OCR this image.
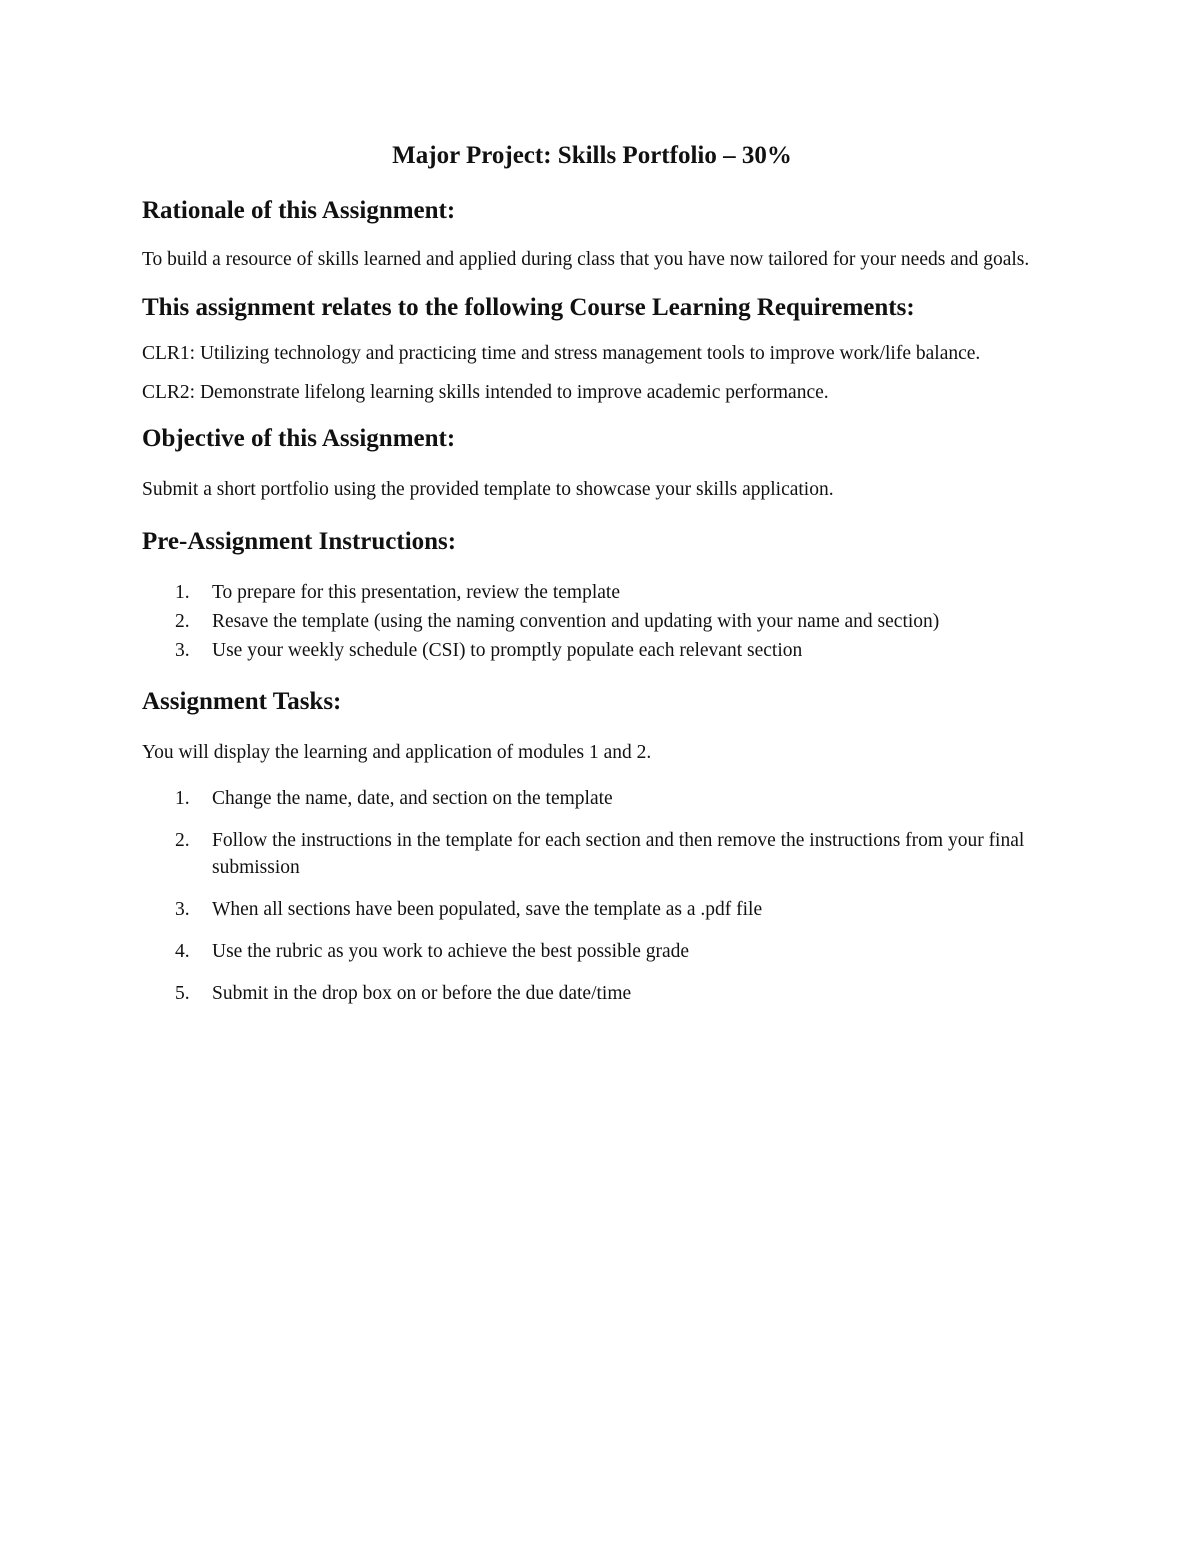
Major Project: Skills Portfolio – 30%
Rationale of this Assignment:

To build a resource of skills learned and applied during class that you have now tailored for your needs and goals.

This assignment relates to the following Course Learning Requirements:

CLR1: Utilizing technology and practicing time and stress management tools to improve work/life balance.

CLR2: Demonstrate lifelong learning skills intended to improve academic performance.

Objective of this Assignment:

Submit a short portfolio using the provided template to showcase your skills application.

Pre-Assignment Instructions:
1. To prepare for this presentation, review the template
2. Resave the template (using the naming convention and updating with your name and section)
3. Use your weekly schedule (CSI) to promptly populate each relevant section
Assignment Tasks:

You will display the learning and application of modules 1 and 2.

1. Change the name, date, and section on the template
2. Follow the instructions in the template for each section and then remove the instructions from your final submission
3. When all sections have been populated, save the template as a .pdf file
4. Use the rubric as you work to achieve the best possible grade
5. Submit in the drop box on or before the due date/time
